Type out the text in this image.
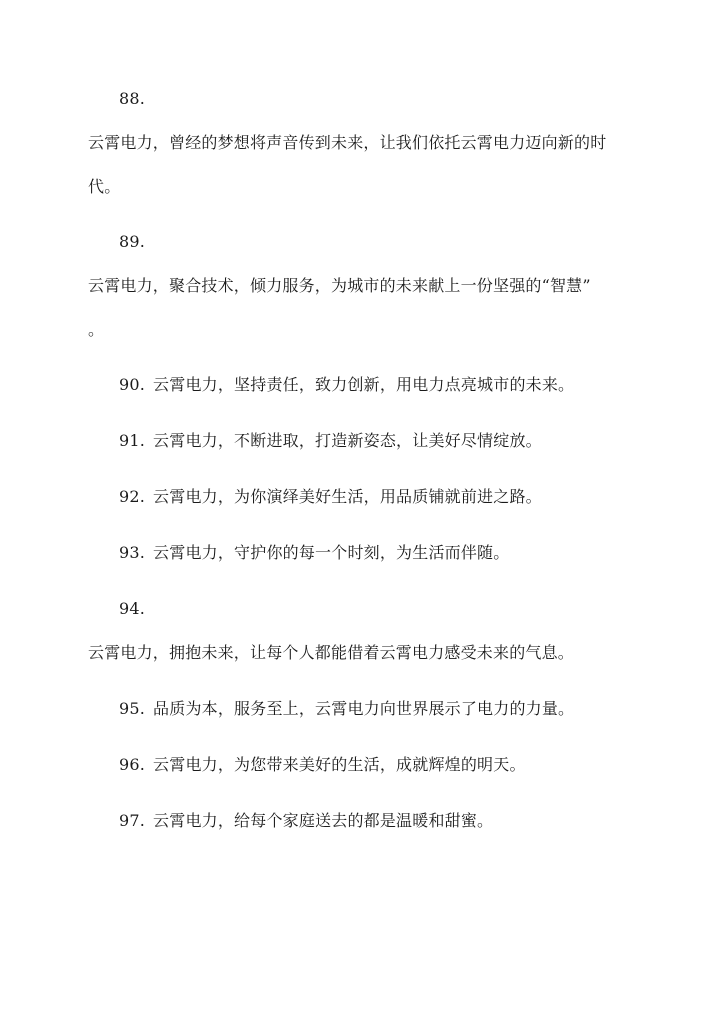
88.
云霄电力，曾经的梦想将声音传到未来，让我们依托云霄电力迈向新的时
代。
89.
云霄电力，聚合技术，倾力服务，为城市的未来献上一份坚强的“智慧”
。
90. 云霄电力，坚持责任，致力创新，用电力点亮城市的未来。
91. 云霄电力，不断进取，打造新姿态，让美好尽情绽放。
92. 云霄电力，为你演绎美好生活，用品质铺就前进之路。
93. 云霄电力，守护你的每一个时刻，为生活而伴随。
94.
云霄电力，拥抱未来，让每个人都能借着云霄电力感受未来的气息。
95. 品质为本，服务至上，云霄电力向世界展示了电力的力量。
96. 云霄电力，为您带来美好的生活，成就辉煌的明天。
97. 云霄电力，给每个家庭送去的都是温暖和甜蜜。
